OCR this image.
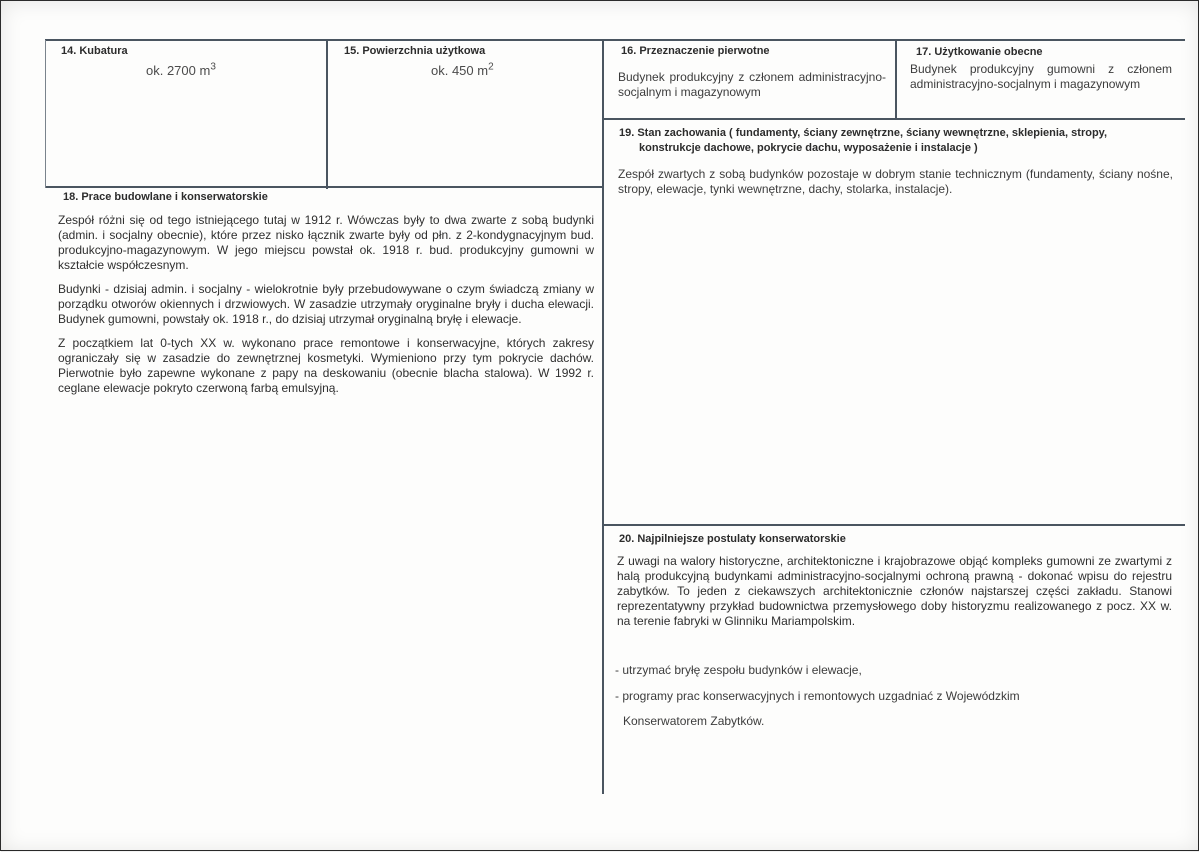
14. Kubatura
ok. 2700 $m^3$
15. Powierzchnia użytkowa
ok. 450 $m^2$
16. Przeznaczenie pierwotne
Budynek produkcyjny z członem administracyjno-socjalnym i magazynowym
17. Użytkowanie obecne
Budynek produkcyjny gumowni z członem administracyjno-socjalnym i magazynowym
18. Prace budowlane i konserwatorskie

Zespół różni się od tego istniejącego tutaj w 1912 r. Wówczas były to dwa zwarte z sobą budynki (admin. i socjalny obecnie), które przez nisko łącznik zwarte były od płn. z 2-kondygnacyjnym bud. produkcyjno-magazynowym. W jego miejscu powstał ok. 1918 r. bud. produkcyjny gumowni w kształcie współczesnym.

Budynki - dzisiaj admin. i socjalny - wielokrotnie były przebudowywane o czym świadczą zmiany w porządku otworów okiennych i drzwiowych. W zasadzie utrzymały oryginalne bryły i ducha elewacji. Budynek gumowni, powstały ok. 1918 r., do dzisiaj utrzymał oryginalną bryłę i elewacje.

Z początkiem lat 0-tych XX w. wykonano prace remontowe i konserwacyjne, których zakresy ograniczały się w zasadzie do zewnętrznej kosmetyki. Wymieniono przy tym pokrycie dachów. Pierwotnie było zapewne wykonane z papy na deskowaniu (obecnie blacha stalowa). W 1992 r. ceglane elewacje pokryto czerwoną farbą emulsyjną.

19. Stan zachowania ( fundamenty, ściany zewnętrzne, ściany wewnętrzne, sklepienia, stropy,
konstrukcje dachowe, pokrycie dachu, wyposażenie i instalacje )
Zespół zwartych z sobą budynków pozostaje w dobrym stanie technicznym (fundamenty, ściany nośne, stropy, elewacje, tynki wewnętrzne, dachy, stolarka, instalacje).
20. Najpilniejsze postulaty konserwatorskie
Z uwagi na walory historyczne, architektoniczne i krajobrazowe objąć kompleks gumowni ze zwartymi z halą produkcyjną budynkami administracyjno-socjalnymi ochroną prawną - dokonać wpisu do rejestru zabytków. To jeden z ciekawszych architektonicznie członów najstarszej części zakładu. Stanowi reprezentatywny przykład budownictwa przemysłowego doby historyzmu realizowanego z pocz. XX w. na terenie fabryki w Glinniku Mariampolskim.
- utrzymać bryłę zespołu budynków i elewacje,
- programy prac konserwacyjnych i remontowych uzgadniać z Wojewódzkim
Konserwatorem Zabytków.
